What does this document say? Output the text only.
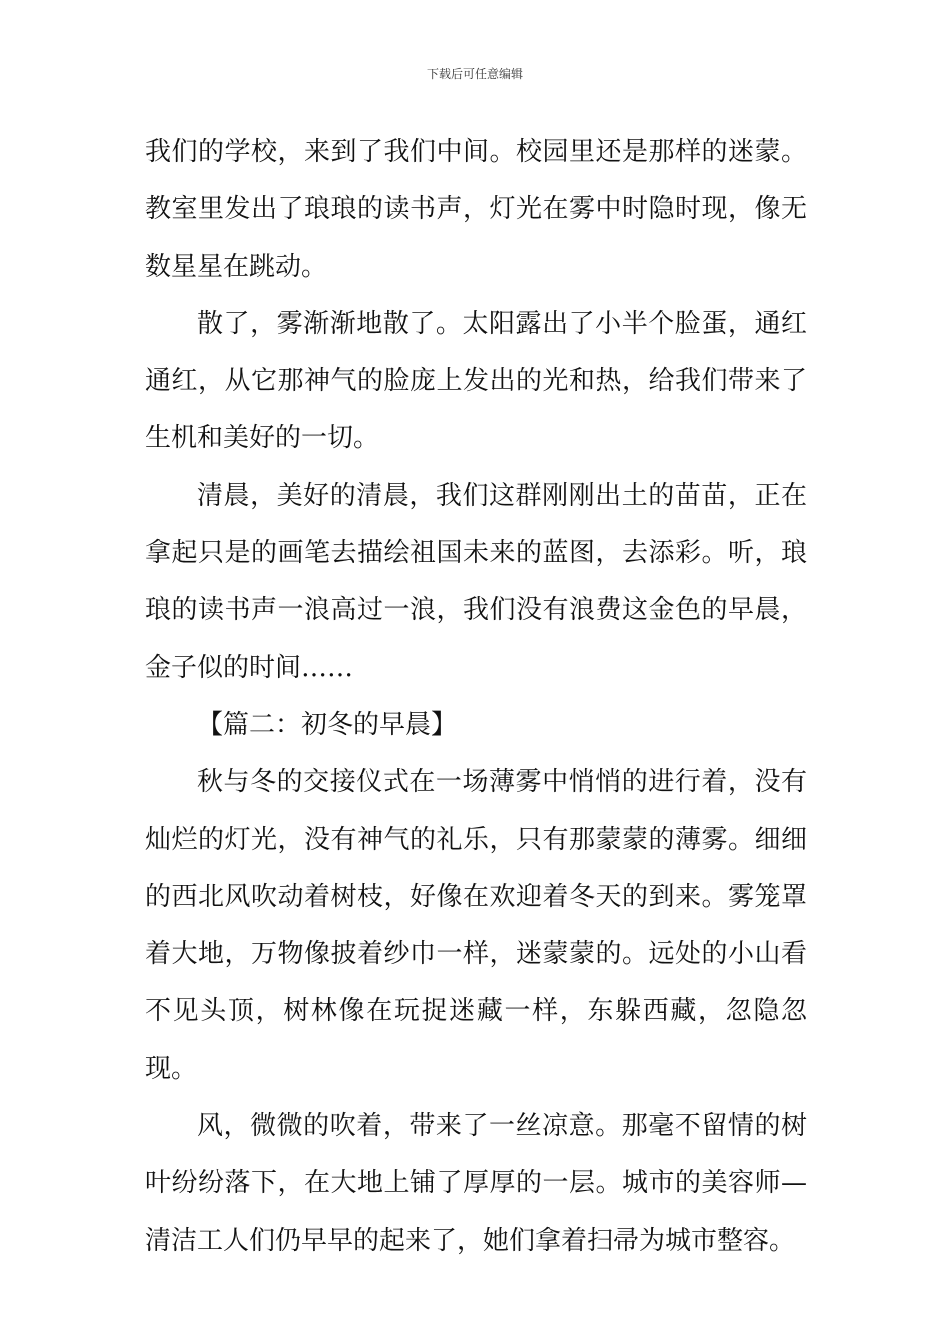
下载后可任意编辑

我们的学校，来到了我们中间。校园里还是那样的迷蒙。教室里发出了琅琅的读书声，灯光在雾中时隐时现，像无数星星在跳动。

散了，雾渐渐地散了。太阳露出了小半个脸蛋，通红通红，从它那神气的脸庞上发出的光和热，给我们带来了生机和美好的一切。

清晨，美好的清晨，我们这群刚刚出土的苗苗，正在拿起只是的画笔去描绘祖国未来的蓝图，去添彩。听，琅琅的读书声一浪高过一浪，我们没有浪费这金色的早晨，金子似的时间……

【篇二：初冬的早晨】

秋与冬的交接仪式在一场薄雾中悄悄的进行着，没有灿烂的灯光，没有神气的礼乐，只有那蒙蒙的薄雾。细细的西北风吹动着树枝，好像在欢迎着冬天的到来。雾笼罩着大地，万物像披着纱巾一样，迷蒙蒙的。远处的小山看不见头顶，树林像在玩捉迷藏一样，东躲西藏，忽隐忽现。

风，微微的吹着，带来了一丝凉意。那毫不留情的树叶纷纷落下，在大地上铺了厚厚的一层。城市的美容师—清洁工人们仍早早的起来了，她们拿着扫帚为城市整容。
